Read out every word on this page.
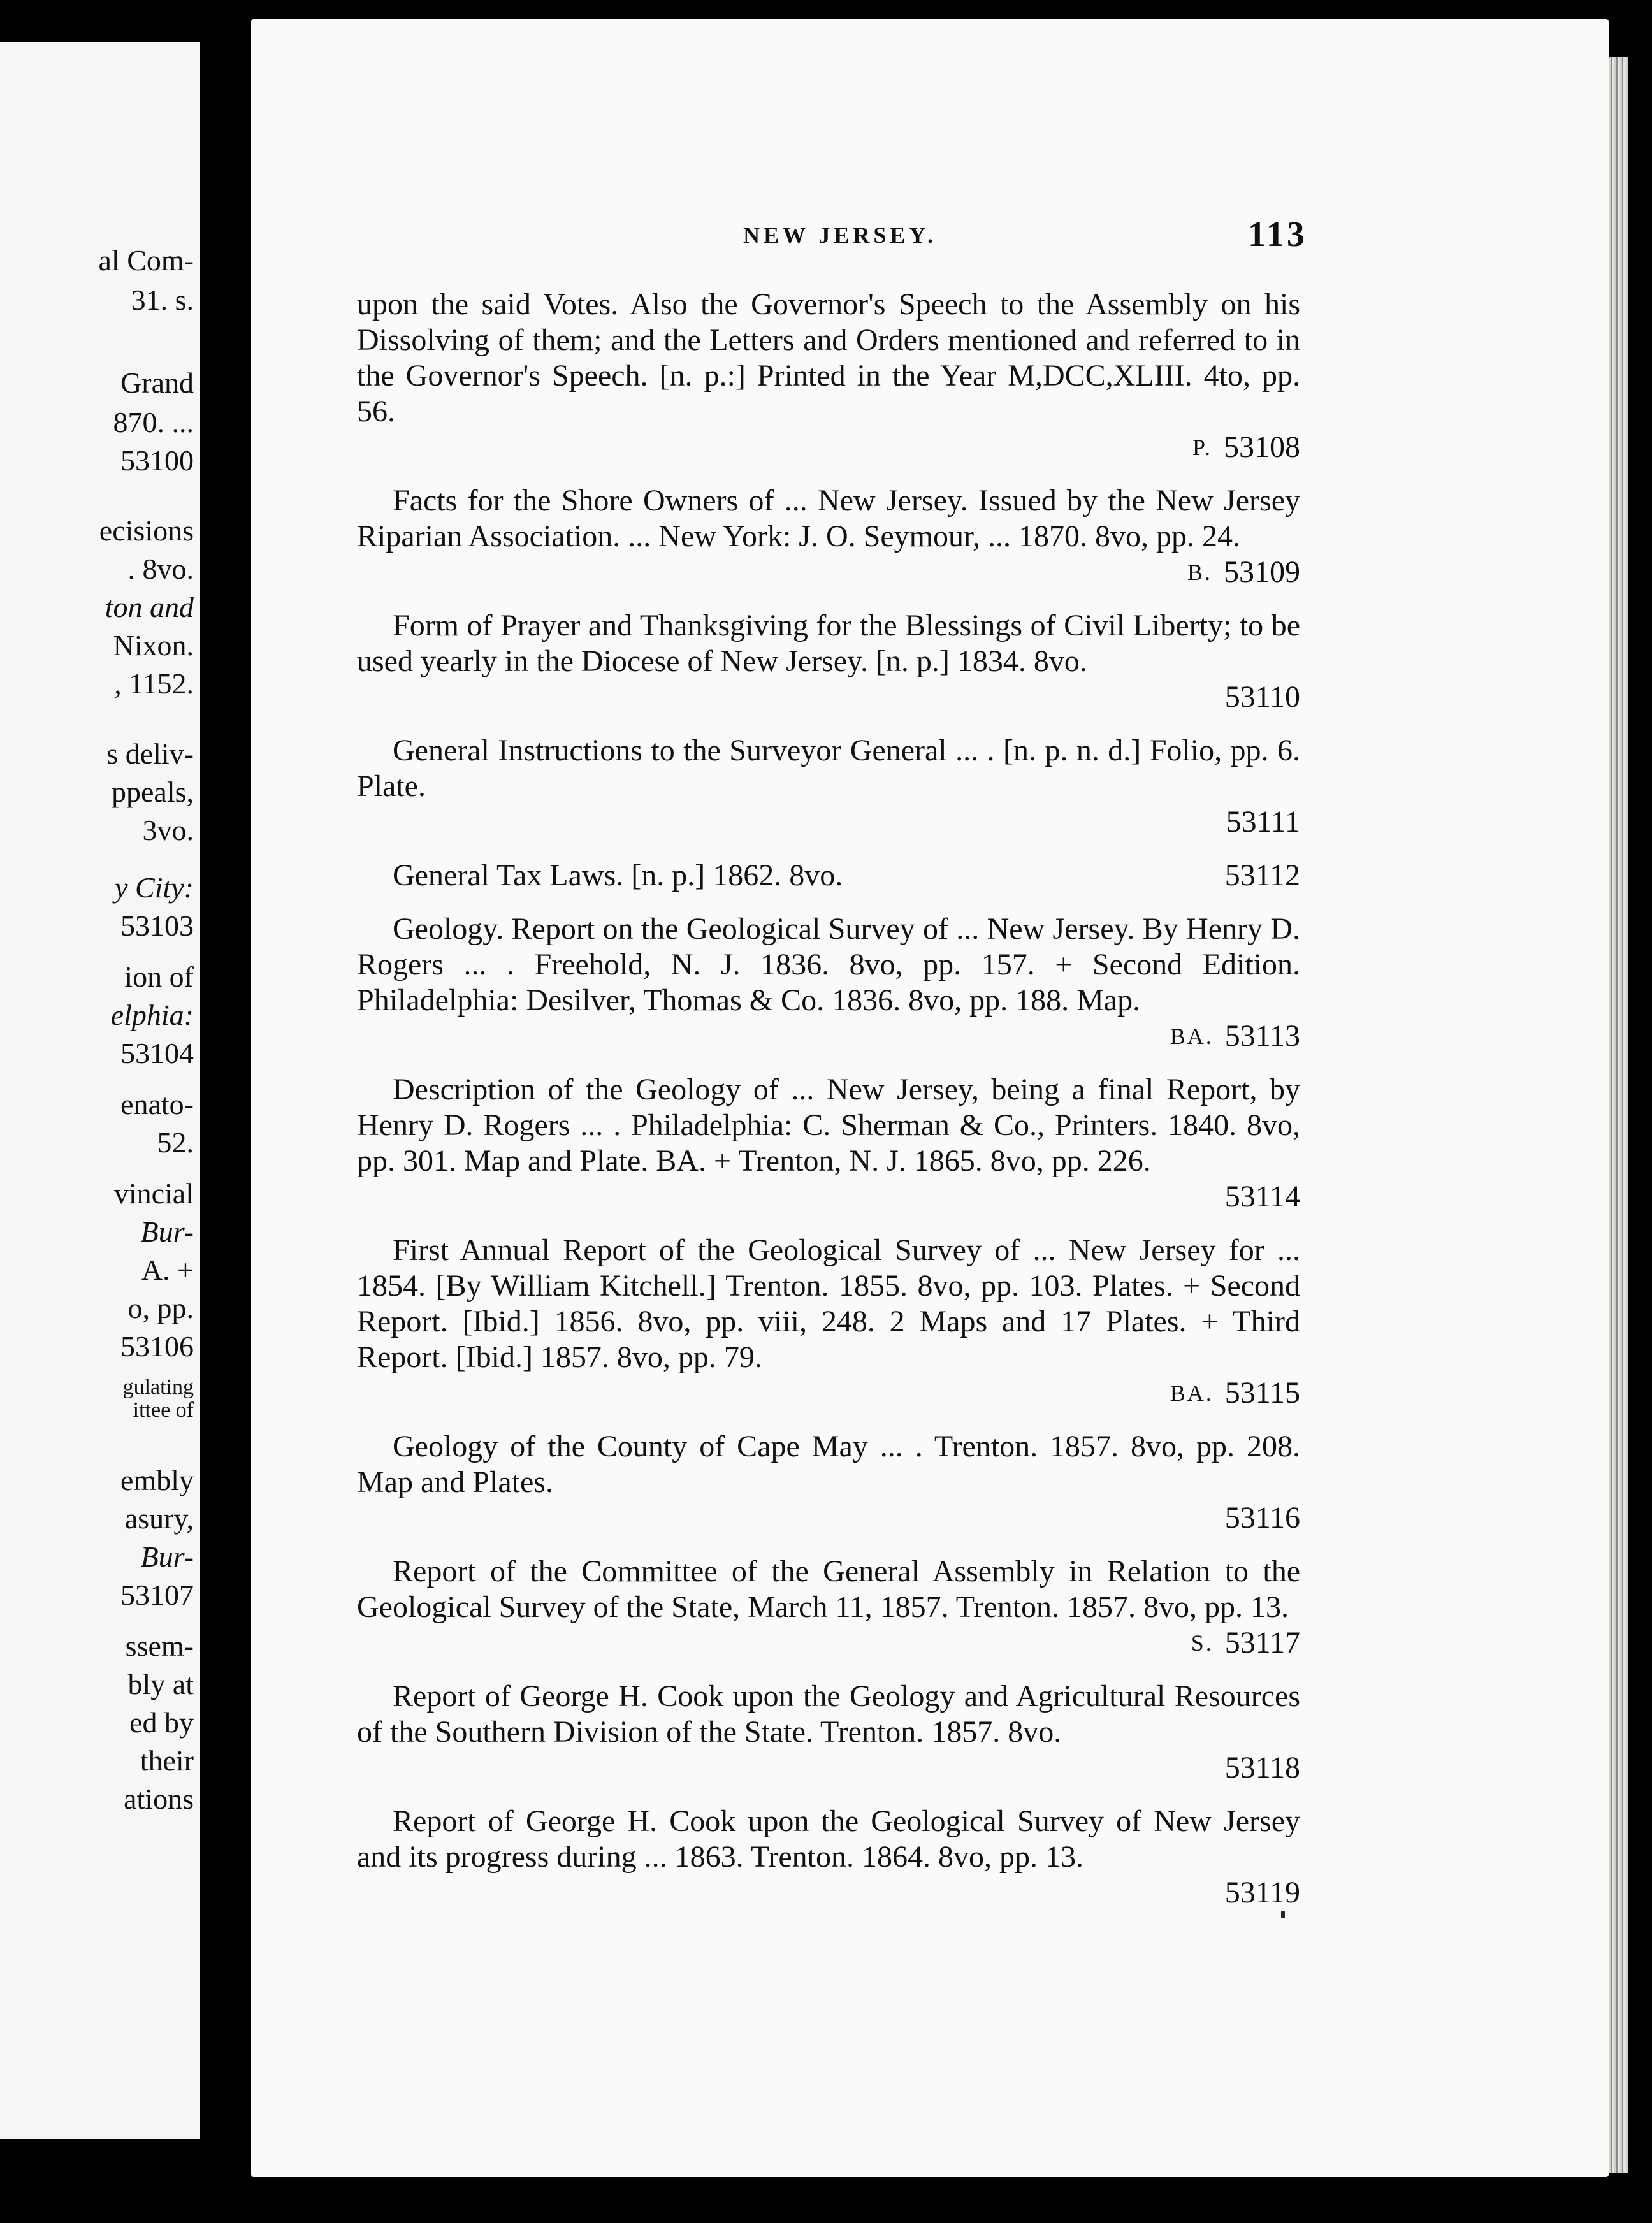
al Com-
31. s.
Grand
870. ...
53100
ecisions
. 8vo.
ton and
Nixon.
, 1152.
s deliv-
ppeals,
3vo.
y City:
53103
ion of
elphia:
53104
enato-
52.
vincial
Bur-
A. +
o, pp.
53106
gulating
ittee of
embly
asury,
Bur-
53107
ssem-
bly at
ed by
their
ations
NEW JERSEY.	113
upon the said Votes. Also the Governor's Speech to the Assembly on his Dissolving of them; and the Letters and Orders mentioned and referred to in the Governor's Speech. [n. p.:] Printed in the Year M,DCC,XLIII. 4to, pp. 56.
P. 53108
Facts for the Shore Owners of ... New Jersey. Issued by the New Jersey Riparian Association. ... New York: J. O. Seymour, ... 1870. 8vo, pp. 24.
B. 53109
Form of Prayer and Thanksgiving for the Blessings of Civil Liberty; to be used yearly in the Diocese of New Jersey. [n. p.] 1834. 8vo.
53110
General Instructions to the Surveyor General ... . [n. p. n. d.] Folio, pp. 6. Plate.
53111
General Tax Laws. [n. p.] 1862. 8vo.	53112
Geology. Report on the Geological Survey of ... New Jersey. By Henry D. Rogers ... . Freehold, N. J. 1836. 8vo, pp. 157. + Second Edition. Philadelphia: Desilver, Thomas & Co. 1836. 8vo, pp. 188. Map.
BA. 53113
Description of the Geology of ... New Jersey, being a final Report, by Henry D. Rogers ... . Philadelphia: C. Sherman & Co., Printers. 1840. 8vo, pp. 301. Map and Plate. BA. + Trenton, N. J. 1865. 8vo, pp. 226.
53114
First Annual Report of the Geological Survey of ... New Jersey for ... 1854. [By William Kitchell.] Trenton. 1855. 8vo, pp. 103. Plates. + Second Report. [Ibid.] 1856. 8vo, pp. viii, 248. 2 Maps and 17 Plates. + Third Report. [Ibid.] 1857. 8vo, pp. 79.
BA. 53115
Geology of the County of Cape May ... . Trenton. 1857. 8vo, pp. 208. Map and Plates.
53116
Report of the Committee of the General Assembly in Relation to the Geological Survey of the State, March 11, 1857. Trenton. 1857. 8vo, pp. 13.
S. 53117
Report of George H. Cook upon the Geology and Agricultural Resources of the Southern Division of the State. Trenton. 1857. 8vo.
53118
Report of George H. Cook upon the Geological Survey of New Jersey and its progress during ... 1863. Trenton. 1864. 8vo, pp. 13.
53119
